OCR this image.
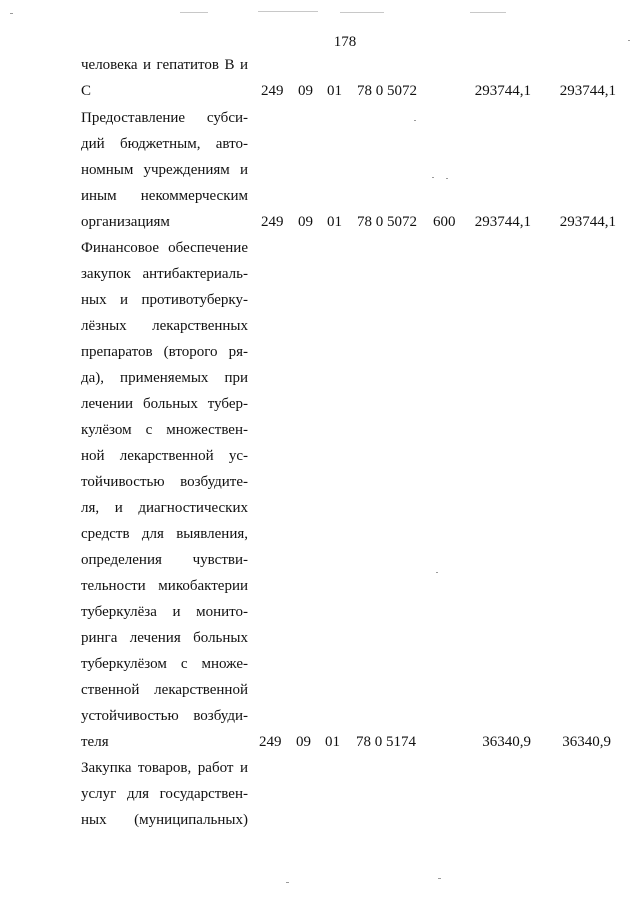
178
человека и гепатитов В и
С	249 09 01 78 0 5072	293744,1	293744,1
Предоставление субси-
дий бюджетным, авто-
номным учреждениям и
иным некоммерческим
организациям	249 09 01 78 0 5072 600	293744,1	293744,1
Финансовое обеспечение
закупок антибактериаль-
ных и противотуберку-
лёзных лекарственных
препаратов (второго ря-
да), применяемых при
лечении больных тубер-
кулёзом с множествен-
ной лекарственной ус-
тойчивостью возбудите-
ля, и диагностических
средств для выявления,
определения чувстви-
тельности микобактерии
туберкулёза и монито-
ринга лечения больных
туберкулёзом с множе-
ственной лекарственной
устойчивостью возбуди-
теля	249 09 01 78 0 5174	36340,9	36340,9
Закупка товаров, работ и
услуг для государствен-
ных (муниципальных)
